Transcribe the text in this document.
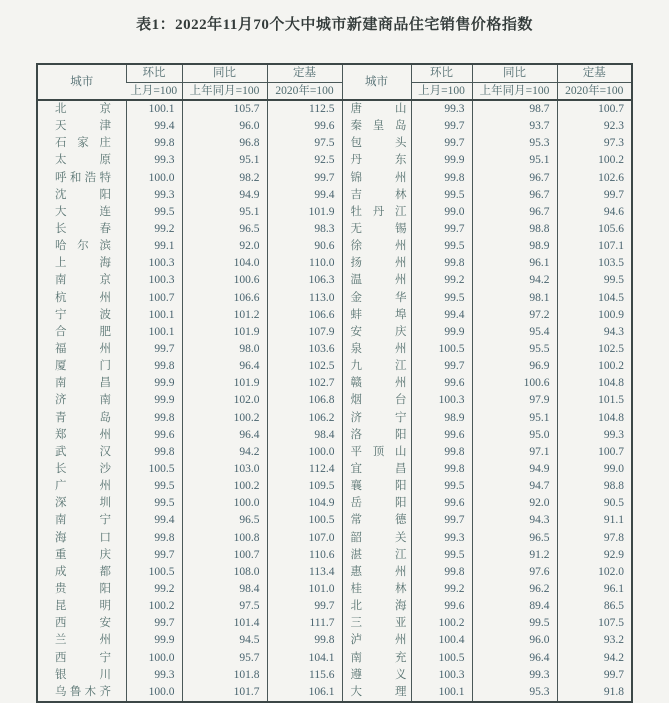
表1：2022年11月70个大中城市新建商品住宅销售价格指数
城市	环比	同比	定基	城市	环比	同比	定基
	上月=100	上年同月=100	2020年=100		上月=100	上年同月=100	2020年=100
北京	100.1	105.7	112.5	唐山	99.3	98.7	100.7
天津	99.4	96.0	99.6	秦皇岛	99.7	93.7	92.3
石家庄	99.8	96.8	97.5	包头	99.7	95.3	97.3
太原	99.3	95.1	92.5	丹东	99.9	95.1	100.2
呼和浩特	100.0	98.2	99.7	锦州	99.8	96.7	102.6
沈阳	99.3	94.9	99.4	吉林	99.5	96.7	99.7
大连	99.5	95.1	101.9	牡丹江	99.0	96.7	94.6
长春	99.2	96.5	98.3	无锡	99.7	98.8	105.6
哈尔滨	99.1	92.0	90.6	徐州	99.5	98.9	107.1
上海	100.3	104.0	110.0	扬州	99.8	96.1	103.5
南京	100.3	100.6	106.3	温州	99.2	94.2	99.5
杭州	100.7	106.6	113.0	金华	99.5	98.1	104.5
宁波	100.1	101.2	106.6	蚌埠	99.4	97.2	100.9
合肥	100.1	101.9	107.9	安庆	99.9	95.4	94.3
福州	99.7	98.0	103.6	泉州	100.5	95.5	102.5
厦门	99.8	96.4	102.5	九江	99.7	96.9	100.2
南昌	99.9	101.9	102.7	赣州	99.6	100.6	104.8
济南	99.9	102.0	106.8	烟台	100.3	97.9	101.5
青岛	99.8	100.2	106.2	济宁	98.9	95.1	104.8
郑州	99.6	96.4	98.4	洛阳	99.6	95.0	99.3
武汉	99.8	94.2	100.0	平顶山	99.8	97.1	100.7
长沙	100.5	103.0	112.4	宜昌	99.8	94.9	99.0
广州	99.5	100.2	109.5	襄阳	99.5	94.7	98.8
深圳	99.5	100.0	104.9	岳阳	99.6	92.0	90.5
南宁	99.4	96.5	100.5	常德	99.7	94.3	91.1
海口	99.8	100.8	107.0	韶关	99.3	96.5	97.8
重庆	99.7	100.7	110.6	湛江	99.5	91.2	92.9
成都	100.5	108.0	113.4	惠州	99.8	97.6	102.0
贵阳	99.2	98.4	101.0	桂林	99.2	96.2	96.1
昆明	100.2	97.5	99.7	北海	99.6	89.4	86.5
西安	99.7	101.4	111.7	三亚	100.2	99.5	107.5
兰州	99.9	94.5	99.8	泸州	100.4	96.0	93.2
西宁	100.0	95.7	104.1	南充	100.5	96.4	94.2
银川	99.3	101.8	115.6	遵义	100.3	99.3	99.7
乌鲁木齐	100.0	101.7	106.1	大理	100.1	95.3	91.8
